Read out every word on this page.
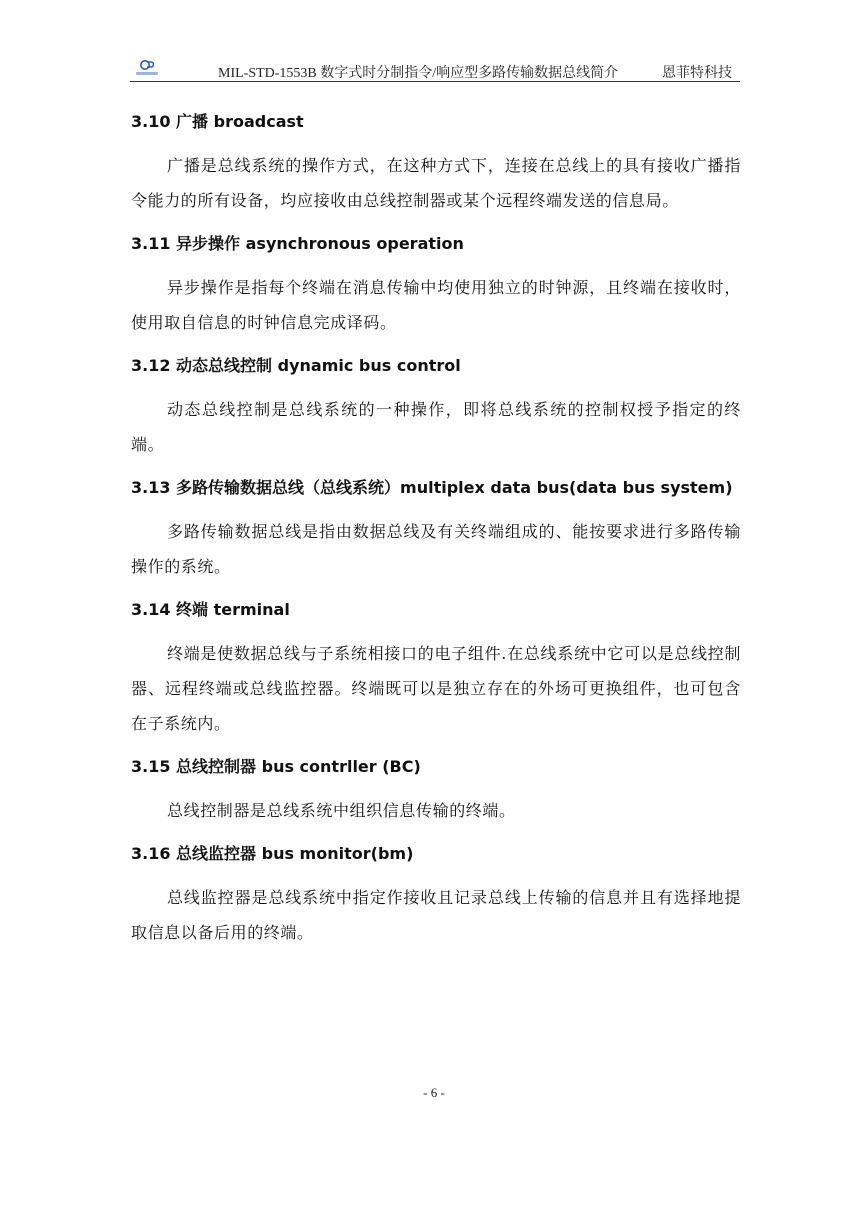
MIL-STD-1553B 数字式时分制指令/响应型多路传输数据总线简介	恩菲特科技
3.10 广播 broadcast

广播是总线系统的操作方式，在这种方式下，连接在总线上的具有接收广播指令能力的所有设备，均应接收由总线控制器或某个远程终端发送的信息局。

3.11 异步操作 asynchronous operation

异步操作是指每个终端在消息传输中均使用独立的时钟源，且终端在接收时，使用取自信息的时钟信息完成译码。

3.12 动态总线控制 dynamic bus control

动态总线控制是总线系统的一种操作，即将总线系统的控制权授予指定的终端。

3.13 多路传输数据总线（总线系统）multiplex data bus(data bus system)

多路传输数据总线是指由数据总线及有关终端组成的、能按要求进行多路传输操作的系统。

3.14 终端 terminal

终端是使数据总线与子系统相接口的电子组件.在总线系统中它可以是总线控制器、远程终端或总线监控器。终端既可以是独立存在的外场可更换组件，也可包含在子系统内。

3.15 总线控制器 bus contrller (BC)

总线控制器是总线系统中组织信息传输的终端。

3.16 总线监控器 bus monitor(bm)

总线监控器是总线系统中指定作接收且记录总线上传输的信息并且有选择地提取信息以备后用的终端。

- 6 -
